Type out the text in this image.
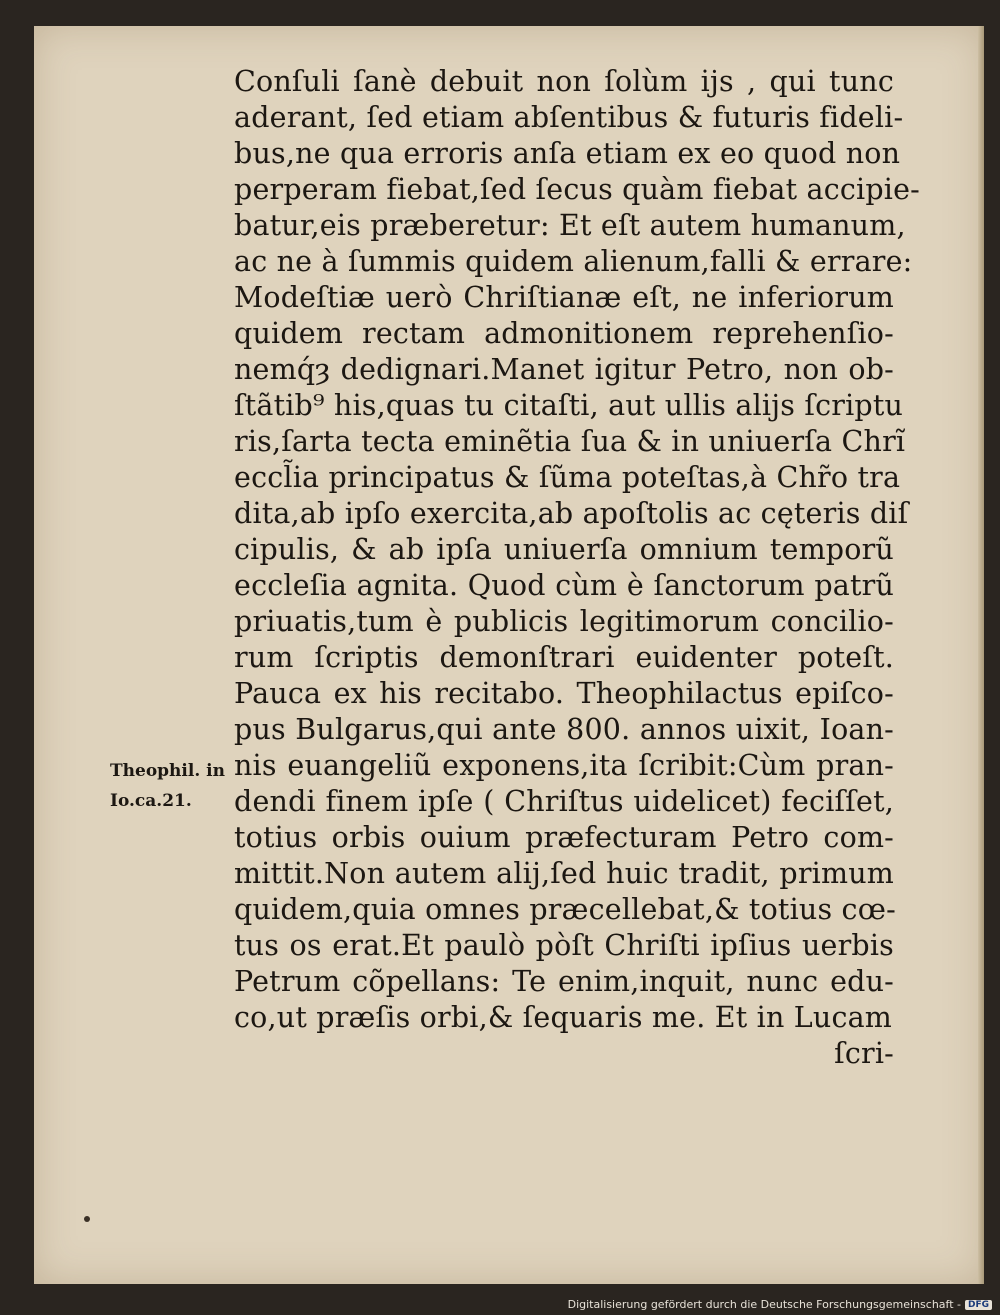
Conſuli ſanè debuit non ſolùm ijs , qui tunc
aderant, ſed etiam abſentibus & futuris fideli-
bus,ne qua erroris anſa etiam ex eo quod non
perperam fiebat,ſed ſecus quàm fiebat accipie-
batur,eis præberetur: Et eſt autem humanum,
ac ne à ſummis quidem alienum,falli & errare:
Modeſtiæ uerò Chriſtianæ eſt, ne inferiorum
quidem rectam admonitionem reprehenſio-
nemq́ȝ dedignari.Manet igitur Petro, non ob-
ſtãtib⁹ his,quas tu citaſti, aut ullis alijs ſcriptu
ris,ſarta tecta eminẽtia ſua & in uniuerſa Chrĩ
eccl̃ia principatus & ſũma poteſtas,à Chr̃o tra
dita,ab ipſo exercita,ab apoſtolis ac cęteris diſ
cipulis, & ab ipſa uniuerſa omnium temporũ
eccleſia agnita. Quod cùm è ſanctorum patrũ
priuatis,tum è publicis legitimorum concilio-
rum ſcriptis demonſtrari euidenter poteſt.
Pauca ex his recitabo. Theophilactus epiſco-
pus Bulgarus,qui ante 800. annos uixit, Ioan-
nis euangeliũ exponens,ita ſcribit:Cùm pran-
dendi finem ipſe ( Chriſtus uidelicet) feciſſet,
totius orbis ouium præfecturam Petro com-
mittit.Non autem alij,ſed huic tradit, primum
quidem,quia omnes præcellebat,& totius cœ-
tus os erat.Et paulò pòſt Chriſti ipſius uerbis
Petrum cõpellans: Te enim,inquit, nunc edu-
co,ut præſis orbi,& ſequaris me. Et in Lucam
ſcri-
Theophil. in
Io.ca.21.
Digitalisierung gefördert durch die Deutsche Forschungsgemeinschaft - DFG
